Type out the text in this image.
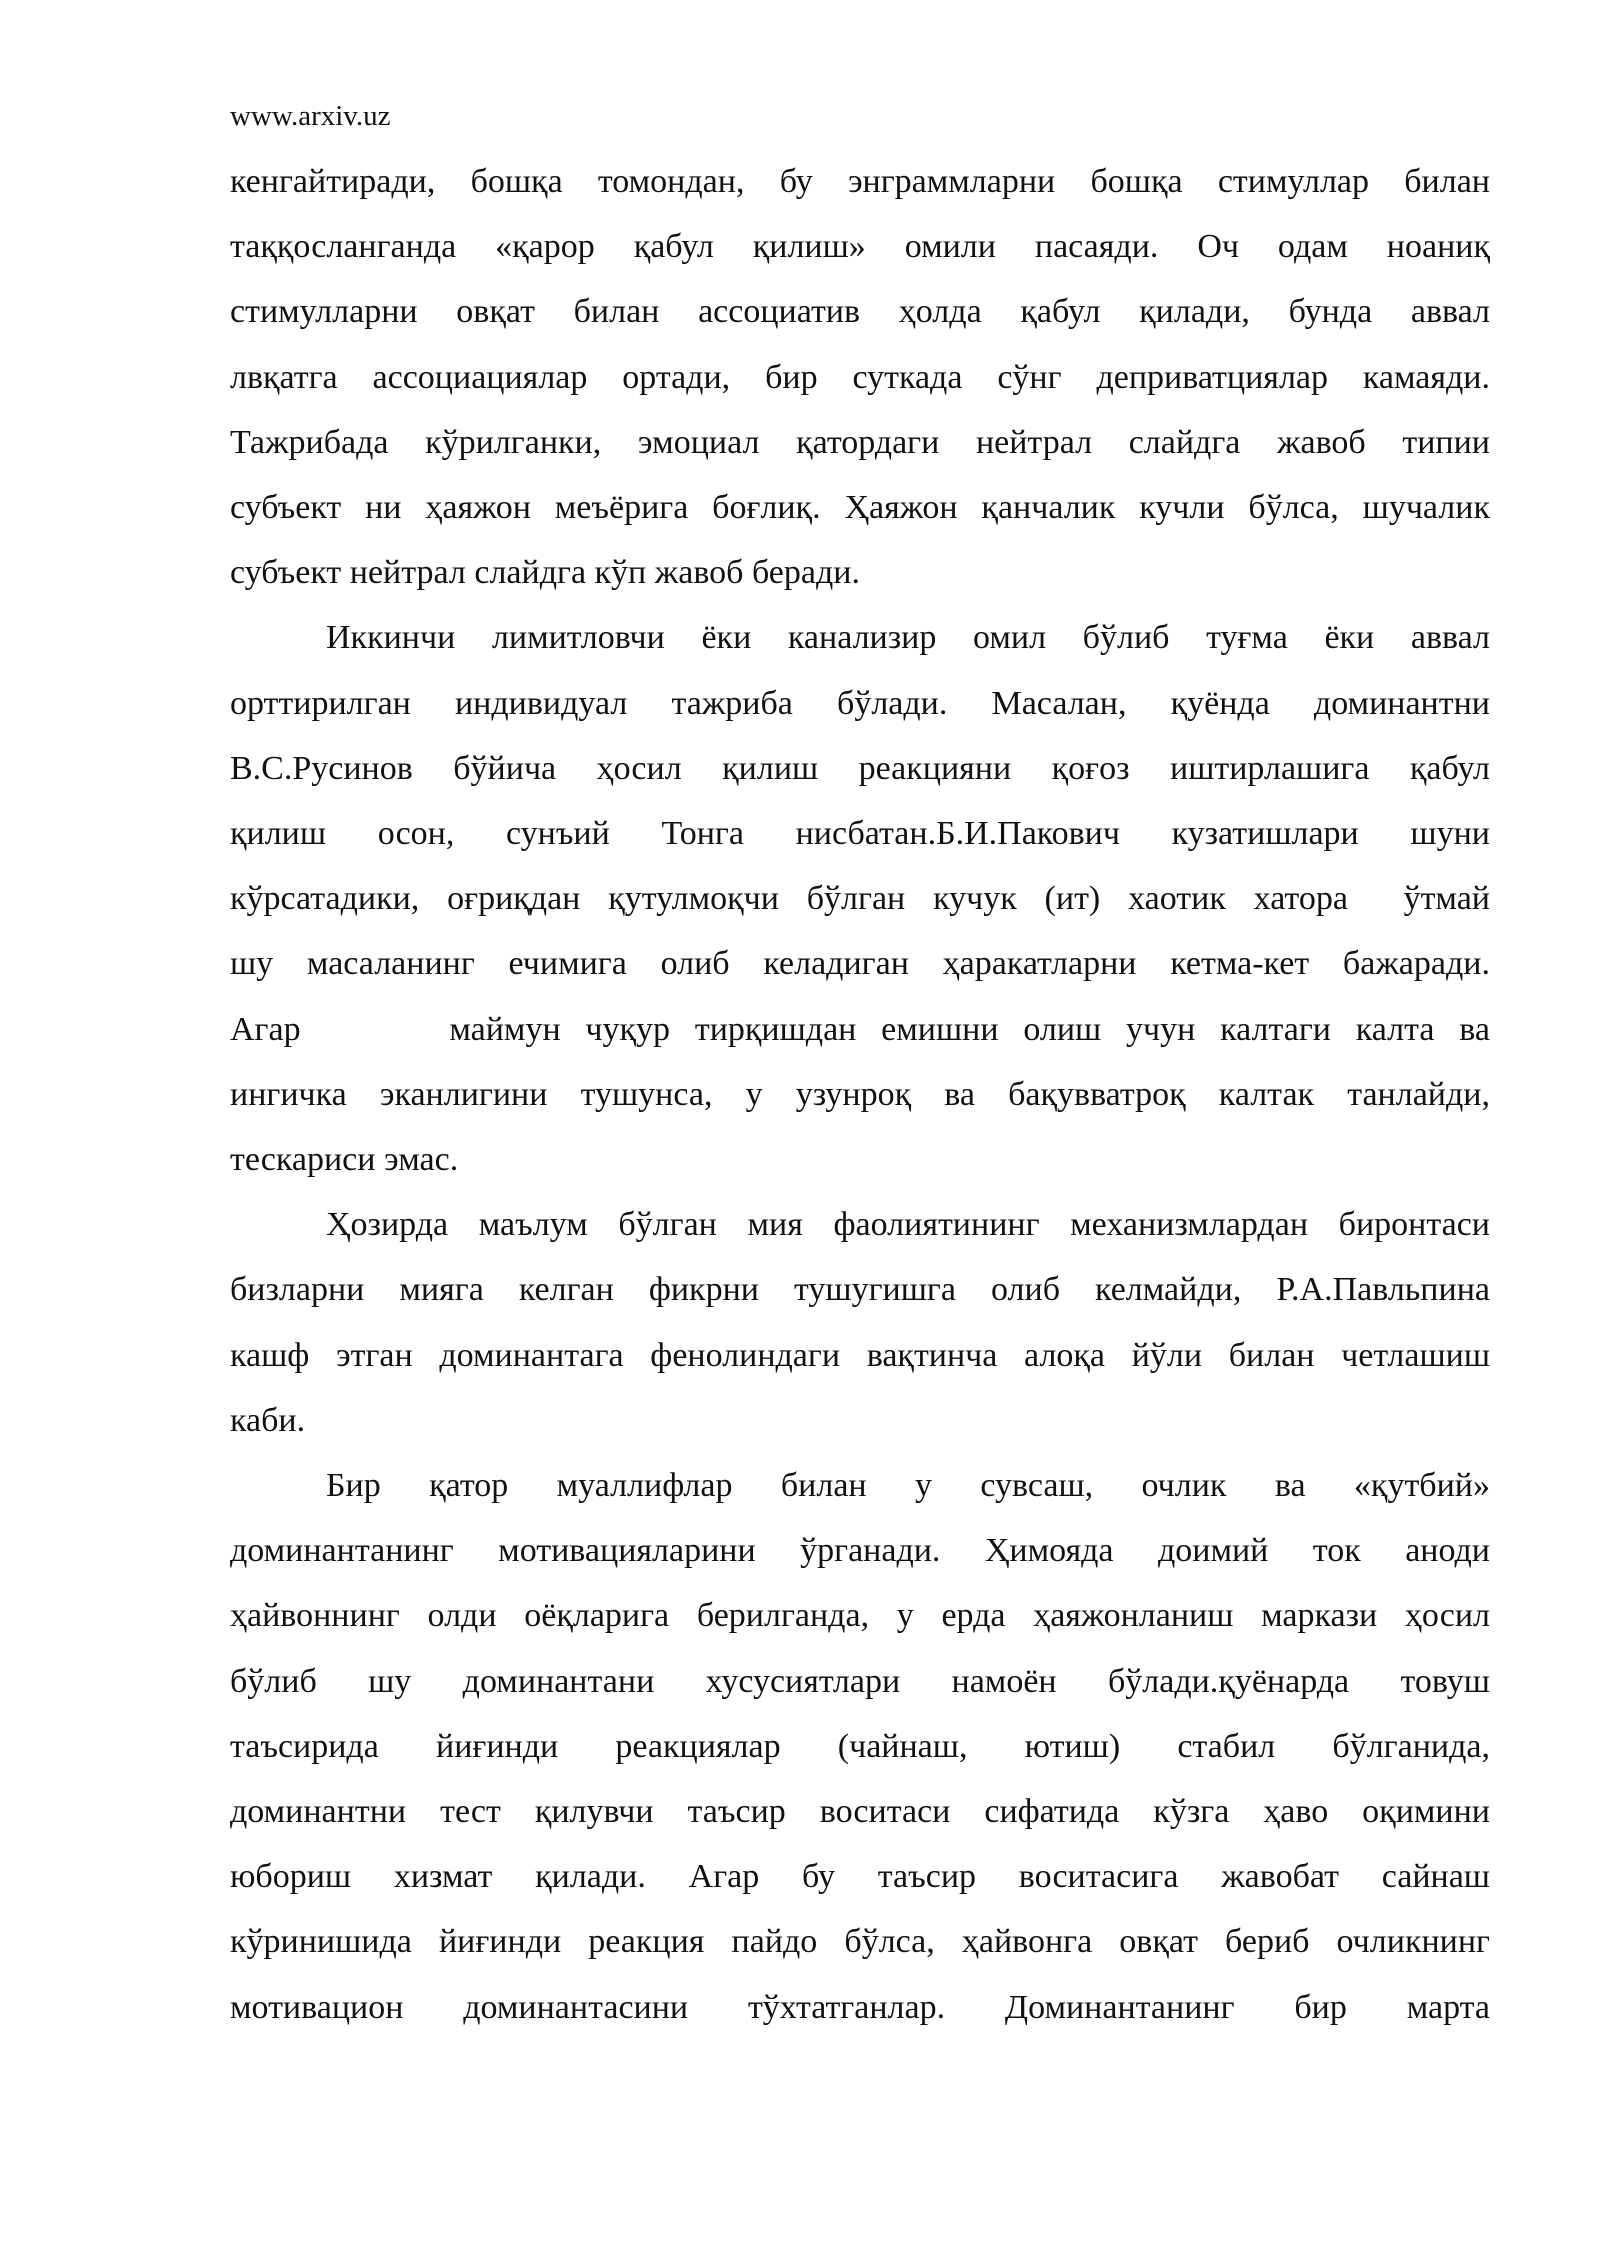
www.arxiv.uz
кенгайтиради, бошқа томондан, бу энграммларни бошқа стимуллар билан
таққосланганда «қарор қабул қилиш» омили пасаяди. Оч одам ноаниқ
стимулларни овқат билан ассоциатив ҳолда қабул қилади, бунда аввал
лвқатга ассоциациялар ортади, бир суткада сўнг деприватциялар камаяди.
Тажрибада кўрилганки, эмоциал қатордаги нейтрал слайдга жавоб типии
субъект ни ҳаяжон меъёрига боғлиқ. Ҳаяжон қанчалик кучли бўлса, шучалик
субъект нейтрал слайдга кўп жавоб беради.
Иккинчи лимитловчи ёки канализир омил бўлиб туғма ёки аввал
орттирилган индивидуал тажриба бўлади. Масалан, қуёнда доминантни
В.С.Русинов бўйича ҳосил қилиш реакцияни қоғоз иштирлашига қабул
қилиш осон, сунъий Тонга нисбатан.Б.И.Пакович кузатишлари шуни
кўрсатадики, оғриқдан қутулмоқчи бўлган кучук (ит) хаотик хатора  ўтмай
шу масаланинг ечимига олиб келадиган ҳаракатларни кетма-кет бажаради.
Агар      маймун чуқур тирқишдан емишни олиш учун калтаги калта ва
ингичка эканлигини тушунса, у узунроқ ва бақувватроқ калтак танлайди,
тескариси эмас.
Ҳозирда маълум бўлган мия фаолиятининг механизмлардан биронтаси
бизларни мияга келган фикрни тушугишга олиб келмайди, Р.А.Павльпина
кашф этган доминантага фенолиндаги вақтинча алоқа йўли билан четлашиш
каби.
Бир қатор муаллифлар билан у сувсаш, очлик ва «қутбий»
доминантанинг мотивацияларини ўрганади. Ҳимояда доимий ток аноди
ҳайвоннинг олди оёқларига берилганда, у ерда ҳаяжонланиш маркази ҳосил
бўлиб шу доминантани хусусиятлари намоён бўлади.қуёнарда товуш
таъсирида йиғинди реакциялар (чайнаш, ютиш) стабил бўлганида,
доминантни тест қилувчи таъсир воситаси сифатида кўзга ҳаво оқимини
юбориш хизмат қилади. Агар бу таъсир воситасига жавобат сайнаш
кўринишида йиғинди реакция пайдо бўлса, ҳайвонга овқат бериб очликнинг
мотивацион доминантасини тўхтатганлар. Доминантанинг бир марта
